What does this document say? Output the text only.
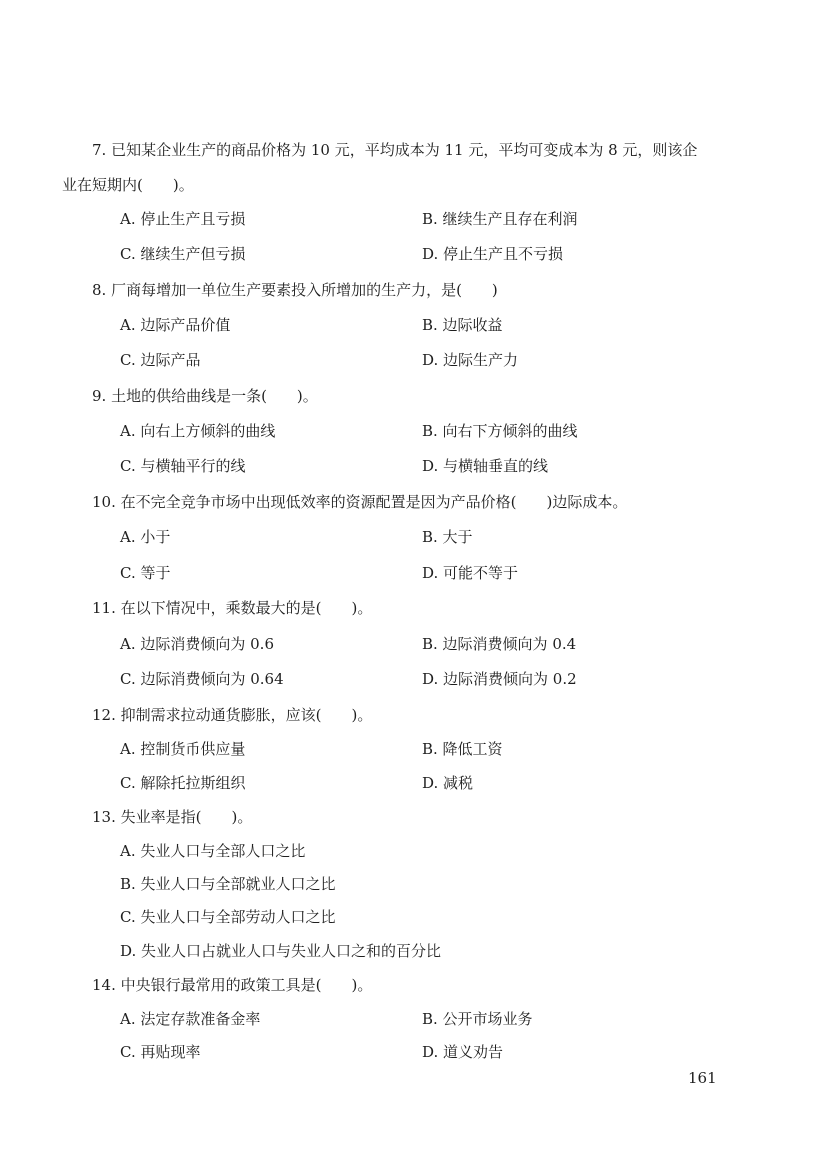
7. 已知某企业生产的商品价格为 10 元，平均成本为 11 元，平均可变成本为 8 元，则该企
业在短期内(　　)。
A. 停止生产且亏损	B. 继续生产且存在利润
C. 继续生产但亏损	D. 停止生产且不亏损
8. 厂商每增加一单位生产要素投入所增加的生产力，是(　　)
A. 边际产品价值	B. 边际收益
C. 边际产品	D. 边际生产力
9. 土地的供给曲线是一条(　　)。
A. 向右上方倾斜的曲线	B. 向右下方倾斜的曲线
C. 与横轴平行的线	D. 与横轴垂直的线
10. 在不完全竞争市场中出现低效率的资源配置是因为产品价格(　　)边际成本。
A. 小于	B. 大于
C. 等于	D. 可能不等于
11. 在以下情况中，乘数最大的是(　　)。
A. 边际消费倾向为 0.6	B. 边际消费倾向为 0.4
C. 边际消费倾向为 0.64	D. 边际消费倾向为 0.2
12. 抑制需求拉动通货膨胀，应该(　　)。
A. 控制货币供应量	B. 降低工资
C. 解除托拉斯组织	D. 减税
13. 失业率是指(　　)。
A. 失业人口与全部人口之比
B. 失业人口与全部就业人口之比
C. 失业人口与全部劳动人口之比
D. 失业人口占就业人口与失业人口之和的百分比
14. 中央银行最常用的政策工具是(　　)。
A. 法定存款准备金率	B. 公开市场业务
C. 再贴现率	D. 道义劝告
161
